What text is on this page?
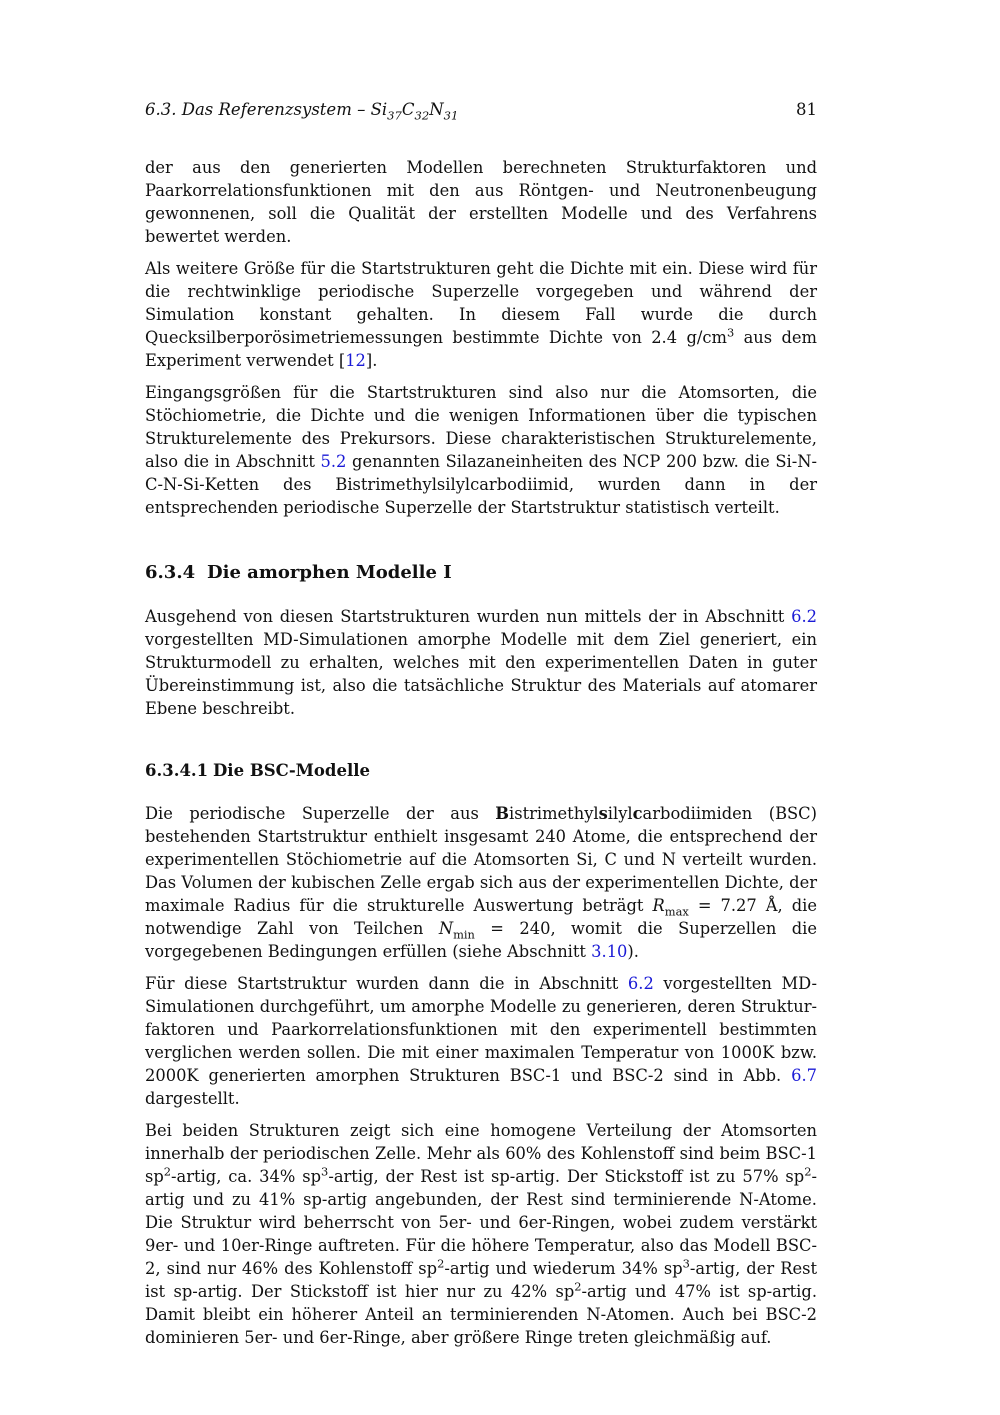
6.3. Das Referenzsystem – $Si_{37}C_{32}N_{31}$	81

der aus den generierten Modellen berechneten Strukturfaktoren und Paarkorrelationsfunktionen mit den aus Röntgen- und Neutronenbeugung gewonnenen, soll die Qualität der erstellten Modelle und des Verfahrens bewertet werden.

Als weitere Größe für die Startstrukturen geht die Dichte mit ein. Diese wird für die rechtwinklige periodische Superzelle vorgegeben und während der Simulation konstant gehalten. In diesem Fall wurde die durch Quecksilberporösimetriemessungen bestimmte Dichte von 2.4 $g/cm^3$ aus dem Experiment verwendet [12].

Eingangsgrößen für die Startstrukturen sind also nur die Atomsorten, die Stöchiometrie, die Dichte und die wenigen Informationen über die typischen Strukturelemente des Prekursors. Diese charakteristischen Strukturelemente, also die in Abschnitt 5.2 genannten Silazaneinheiten des NCP 200 bzw. die Si-N-C-N-Si-Ketten des Bistrimethylsilylcarbodiimid, wurden dann in der entsprechenden periodische Superzelle der Startstruktur statistisch verteilt.

6.3.4 Die amorphen Modelle I

Ausgehend von diesen Startstrukturen wurden nun mittels der in Abschnitt 6.2 vorgestellten MD-Simulationen amorphe Modelle mit dem Ziel generiert, ein Strukturmodell zu erhalten, welches mit den experimentellen Daten in guter Übereinstimmung ist, also die tatsächliche Struktur des Materials auf atomarer Ebene beschreibt.

6.3.4.1 Die BSC-Modelle

Die periodische Superzelle der aus Bistrimethylsilylcarbodiimiden (BSC) bestehenden Startstruktur enthielt insgesamt 240 Atome, die entsprechend der experimentellen Stöchiometrie auf die Atomsorten Si, C und N verteilt wurden. Das Volumen der kubischen Zelle ergab sich aus der experimentellen Dichte, der maximale Radius für die strukturelle Auswertung beträgt $R_{max} = 7.27$ Å, die notwendige Zahl von Teilchen $N_{min} = 240$, womit die Superzellen die vorgegebenen Bedingungen erfüllen (siehe Abschnitt 3.10).

Für diese Startstruktur wurden dann die in Abschnitt 6.2 vorgestellten MD-Simulationen durchgeführt, um amorphe Modelle zu generieren, deren Strukturfaktoren und Paarkorrelationsfunktionen mit den experimentell bestimmten verglichen werden sollen. Die mit einer maximalen Temperatur von 1000K bzw. 2000K generierten amorphen Strukturen BSC-1 und BSC-2 sind in Abb. 6.7 dargestellt.

Bei beiden Strukturen zeigt sich eine homogene Verteilung der Atomsorten innerhalb der periodischen Zelle. Mehr als 60% des Kohlenstoff sind beim BSC-1 $sp^2$-artig, ca. 34% $sp^3$-artig, der Rest ist sp-artig. Der Stickstoff ist zu 57% $sp^2$-artig und zu 41% sp-artig angebunden, der Rest sind terminierende N-Atome. Die Struktur wird beherrscht von 5er- und 6er-Ringen, wobei zudem verstärkt 9er- und 10er-Ringe auftreten. Für die höhere Temperatur, also das Modell BSC-2, sind nur 46% des Kohlenstoff $sp^2$-artig und wiederum 34% $sp^3$-artig, der Rest ist sp-artig. Der Stickstoff ist hier nur zu 42% $sp^2$-artig und 47% ist sp-artig. Damit bleibt ein höherer Anteil an terminierenden N-Atomen. Auch bei BSC-2 dominieren 5er- und 6er-Ringe, aber größere Ringe treten gleichmäßig auf.
